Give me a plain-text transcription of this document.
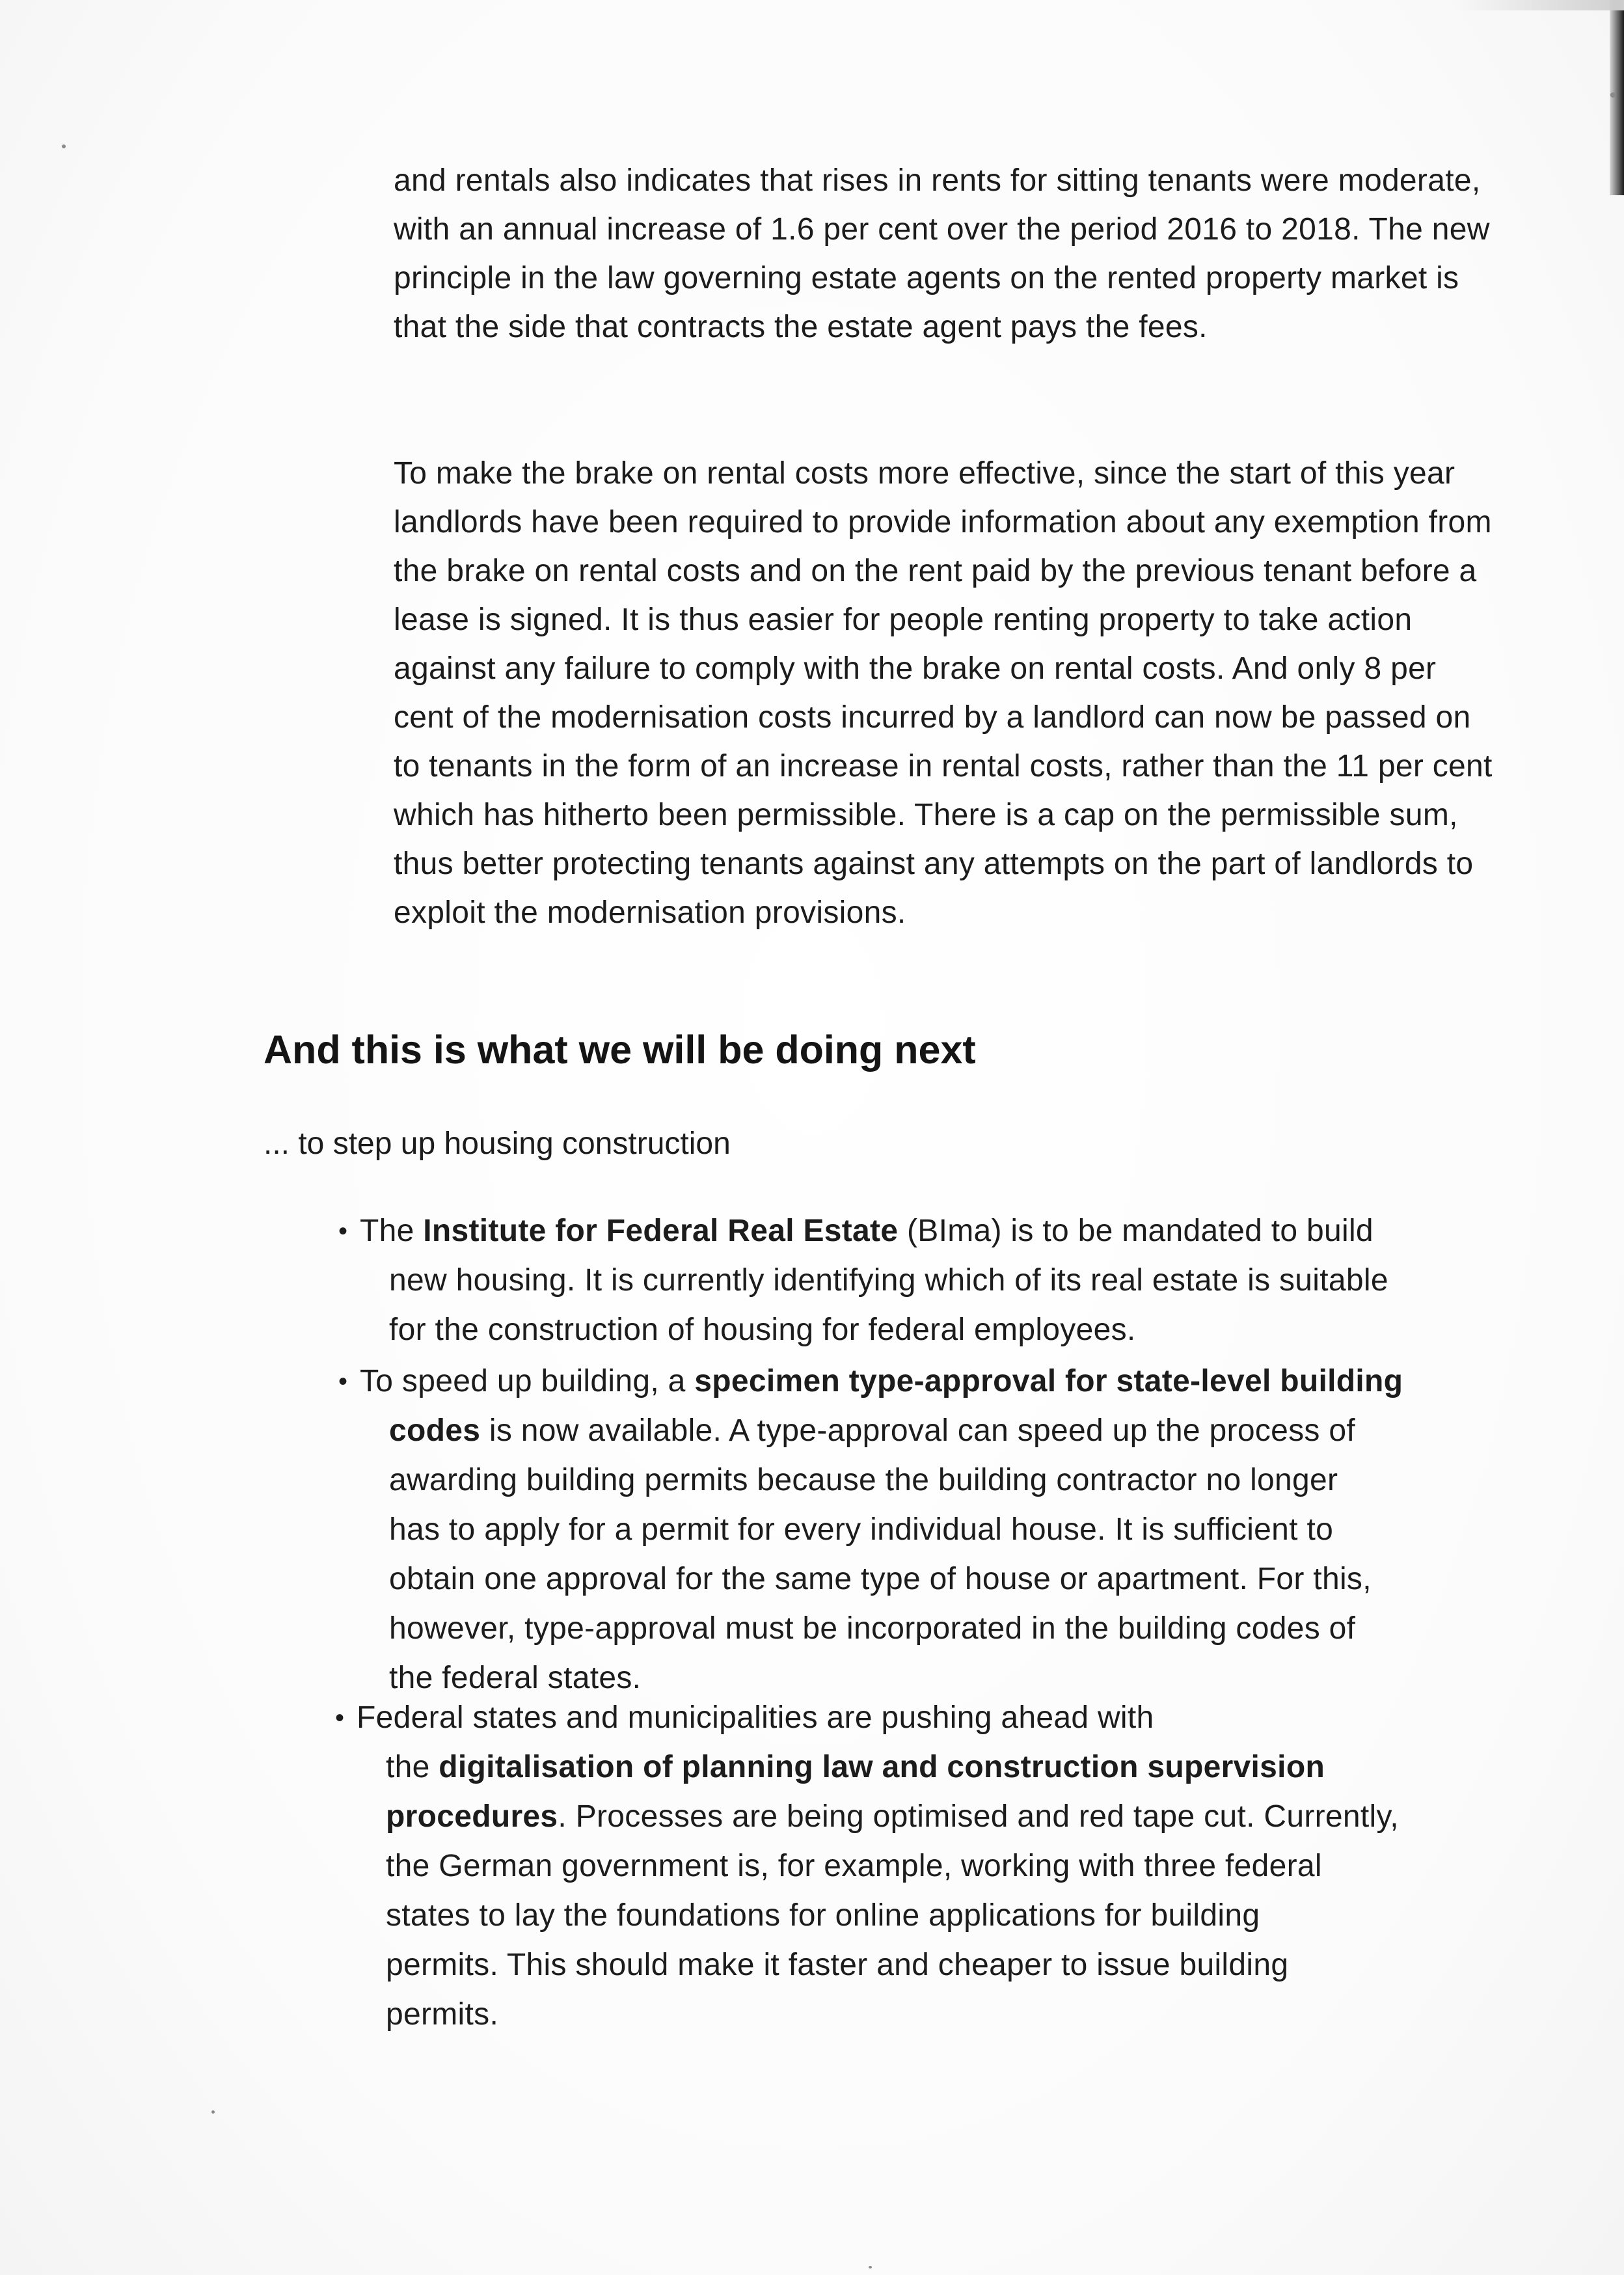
and rentals also indicates that rises in rents for sitting tenants were moderate, with an annual increase of 1.6 per cent over the period 2016 to 2018. The new principle in the law governing estate agents on the rented property market is that the side that contracts the estate agent pays the fees.

To make the brake on rental costs more effective, since the start of this year landlords have been required to provide information about any exemption from the brake on rental costs and on the rent paid by the previous tenant before a lease is signed. It is thus easier for people renting property to take action against any failure to comply with the brake on rental costs. And only 8 per cent of the modernisation costs incurred by a landlord can now be passed on to tenants in the form of an increase in rental costs, rather than the 11 per cent which has hitherto been permissible. There is a cap on the permissible sum, thus better protecting tenants against any attempts on the part of landlords to exploit the modernisation provisions.

And this is what we will be doing next

... to step up housing construction

• The Institute for Federal Real Estate (BIma) is to be mandated to build
new housing. It is currently identifying which of its real estate is suitable
for the construction of housing for federal employees.
• To speed up building, a specimen type-approval for state-level building
codes is now available. A type-approval can speed up the process of
awarding building permits because the building contractor no longer
has to apply for a permit for every individual house. It is sufficient to
obtain one approval for the same type of house or apartment. For this,
however, type-approval must be incorporated in the building codes of
the federal states.
• Federal states and municipalities are pushing ahead with
the digitalisation of planning law and construction supervision
procedures. Processes are being optimised and red tape cut. Currently,
the German government is, for example, working with three federal
states to lay the foundations for online applications for building
permits. This should make it faster and cheaper to issue building
permits.
